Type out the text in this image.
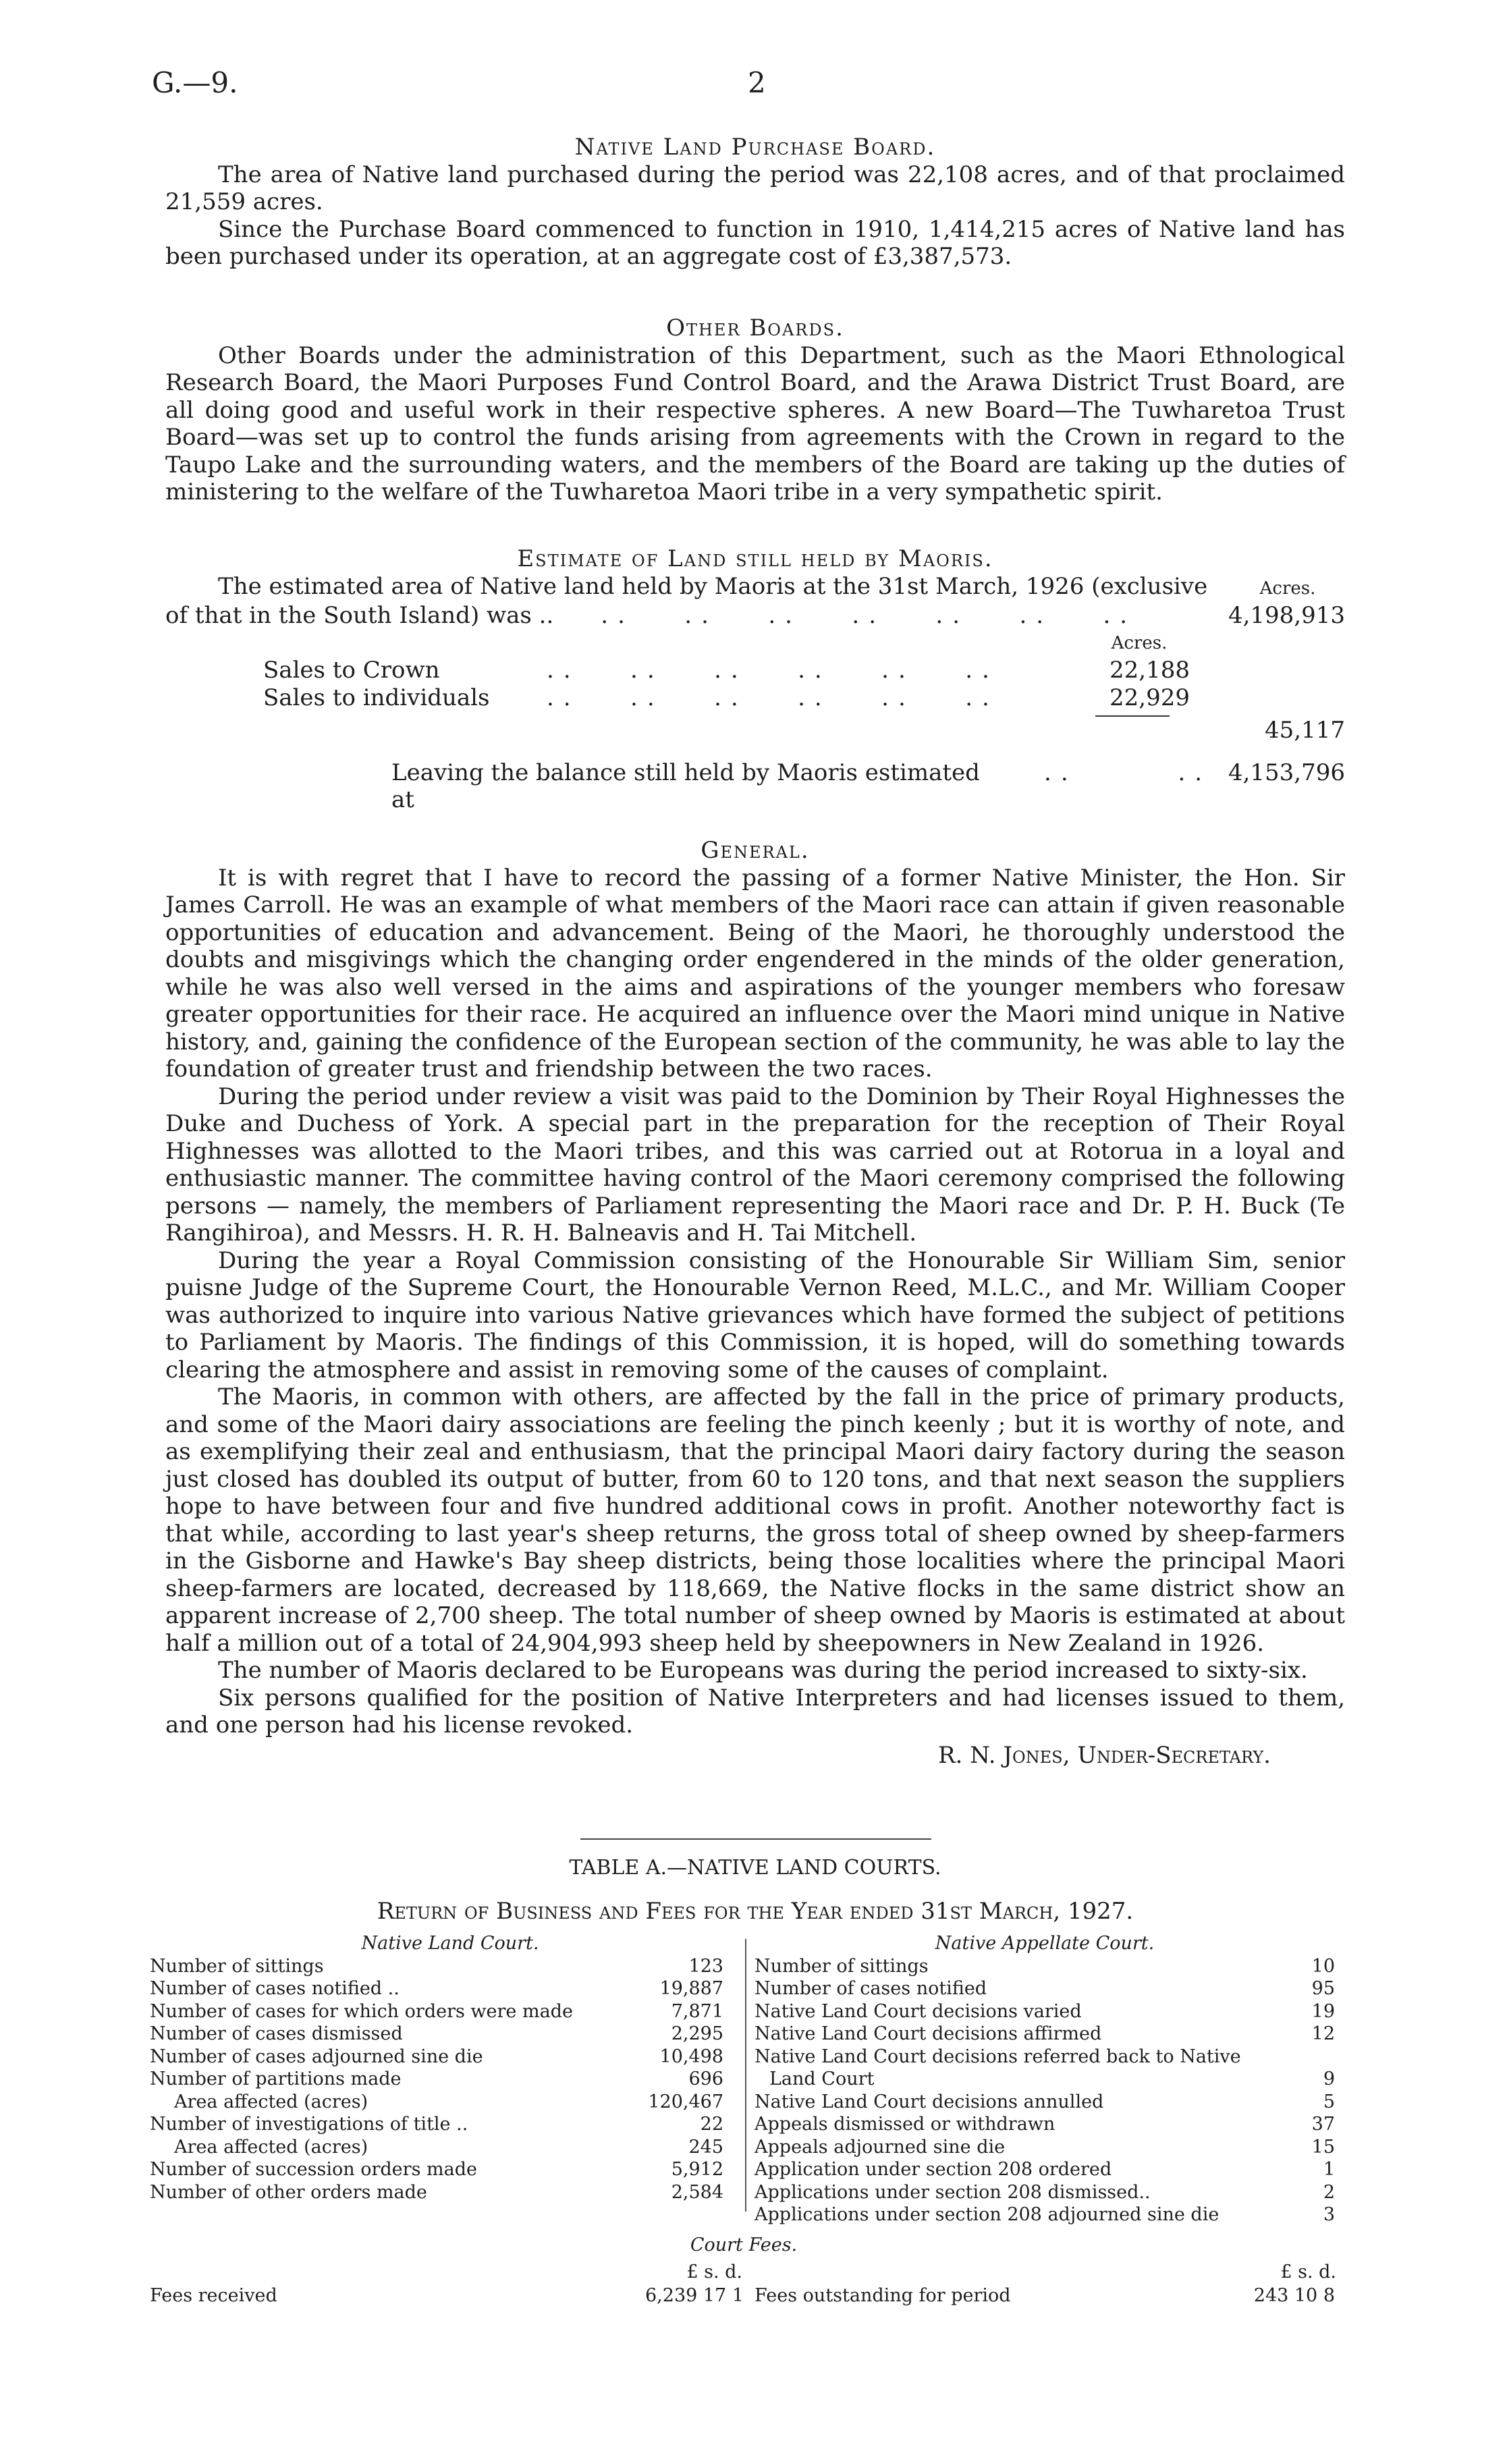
G.—9.	2
Native Land Purchase Board.

The area of Native land purchased during the period was 22,108 acres, and of that proclaimed 21,559 acres.

Since the Purchase Board commenced to function in 1910, 1,414,215 acres of Native land has been purchased under its operation, at an aggregate cost of £3,387,573.

Other Boards.

Other Boards under the administration of this Department, such as the Maori Ethnological Research Board, the Maori Purposes Fund Control Board, and the Arawa District Trust Board, are all doing good and useful work in their respective spheres. A new Board—The Tuwharetoa Trust Board—was set up to control the funds arising from agreements with the Crown in regard to the Taupo Lake and the surrounding waters, and the members of the Board are taking up the duties of ministering to the welfare of the Tuwharetoa Maori tribe in a very sympathetic spirit.

Estimate of Land still held by Maoris.
The estimated area of Native land held by Maoris at the 31st March, 1926 (exclusive	Acres.
of that in the South Island) was ..	..   ..   ..   ..   ..   ..   ..	4,198,913
Acres.
Sales to Crown	..   ..   ..   ..   ..   ..	22,188
Sales to individuals	..   ..   ..   ..   ..   ..	22,929
45,117
Leaving the balance still held by Maoris estimated at
..      .. 4,153,796
General.

It is with regret that I have to record the passing of a former Native Minister, the Hon. Sir James Carroll. He was an example of what members of the Maori race can attain if given reasonable opportunities of education and advancement. Being of the Maori, he thoroughly understood the doubts and misgivings which the changing order engendered in the minds of the older generation, while he was also well versed in the aims and aspirations of the younger members who foresaw greater opportunities for their race. He acquired an influence over the Maori mind unique in Native history, and, gaining the confidence of the European section of the community, he was able to lay the foundation of greater trust and friendship between the two races.

During the period under review a visit was paid to the Dominion by Their Royal Highnesses the Duke and Duchess of York. A special part in the preparation for the reception of Their Royal Highnesses was allotted to the Maori tribes, and this was carried out at Rotorua in a loyal and enthusiastic manner. The committee having control of the Maori ceremony comprised the following persons — namely, the members of Parliament representing the Maori race and Dr. P. H. Buck (Te Rangihiroa), and Messrs. H. R. H. Balneavis and H. Tai Mitchell.

During the year a Royal Commission consisting of the Honourable Sir William Sim, senior puisne Judge of the Supreme Court, the Honourable Vernon Reed, M.L.C., and Mr. William Cooper was authorized to inquire into various Native grievances which have formed the subject of petitions to Parliament by Maoris. The findings of this Commission, it is hoped, will do something towards clearing the atmosphere and assist in removing some of the causes of complaint.

The Maoris, in common with others, are affected by the fall in the price of primary products, and some of the Maori dairy associations are feeling the pinch keenly ; but it is worthy of note, and as exemplifying their zeal and enthusiasm, that the principal Maori dairy factory during the season just closed has doubled its output of butter, from 60 to 120 tons, and that next season the suppliers hope to have between four and five hundred additional cows in profit. Another noteworthy fact is that while, according to last year's sheep returns, the gross total of sheep owned by sheep-farmers in the Gisborne and Hawke's Bay sheep districts, being those localities where the principal Maori sheep-farmers are located, decreased by 118,669, the Native flocks in the same district show an apparent increase of 2,700 sheep. The total number of sheep owned by Maoris is estimated at about half a million out of a total of 24,904,993 sheep held by sheepowners in New Zealand in 1926.

The number of Maoris declared to be Europeans was during the period increased to sixty-six.

Six persons qualified for the position of Native Interpreters and had licenses issued to them, and one person had his license revoked.

R. N. Jones, Under-Secretary.
TABLE A.—NATIVE LAND COURTS.
Return of Business and Fees for the Year ended 31st March, 1927.
Native Land Court.
Number of sittings	123
Number of cases notified ..	19,887
Number of cases for which orders were made	7,871
Number of cases dismissed	2,295
Number of cases adjourned sine die	10,498
Number of partitions made	696
Area affected (acres)	120,467
Number of investigations of title ..	22
Area affected (acres)	245
Number of succession orders made	5,912
Number of other orders made	2,584
Native Appellate Court.
Number of sittings	10
Number of cases notified	95
Native Land Court decisions varied	19
Native Land Court decisions affirmed	12
Native Land Court decisions referred back to Native
Land Court	9
Native Land Court decisions annulled	5
Appeals dismissed or withdrawn	37
Appeals adjourned sine die	15
Application under section 208 ordered	1
Applications under section 208 dismissed..	2
Applications under section 208 adjourned sine die	3
Court Fees.
£ s. d.	£ s. d.
Fees received	6,239 17 1 Fees outstanding for period	243 10 8
